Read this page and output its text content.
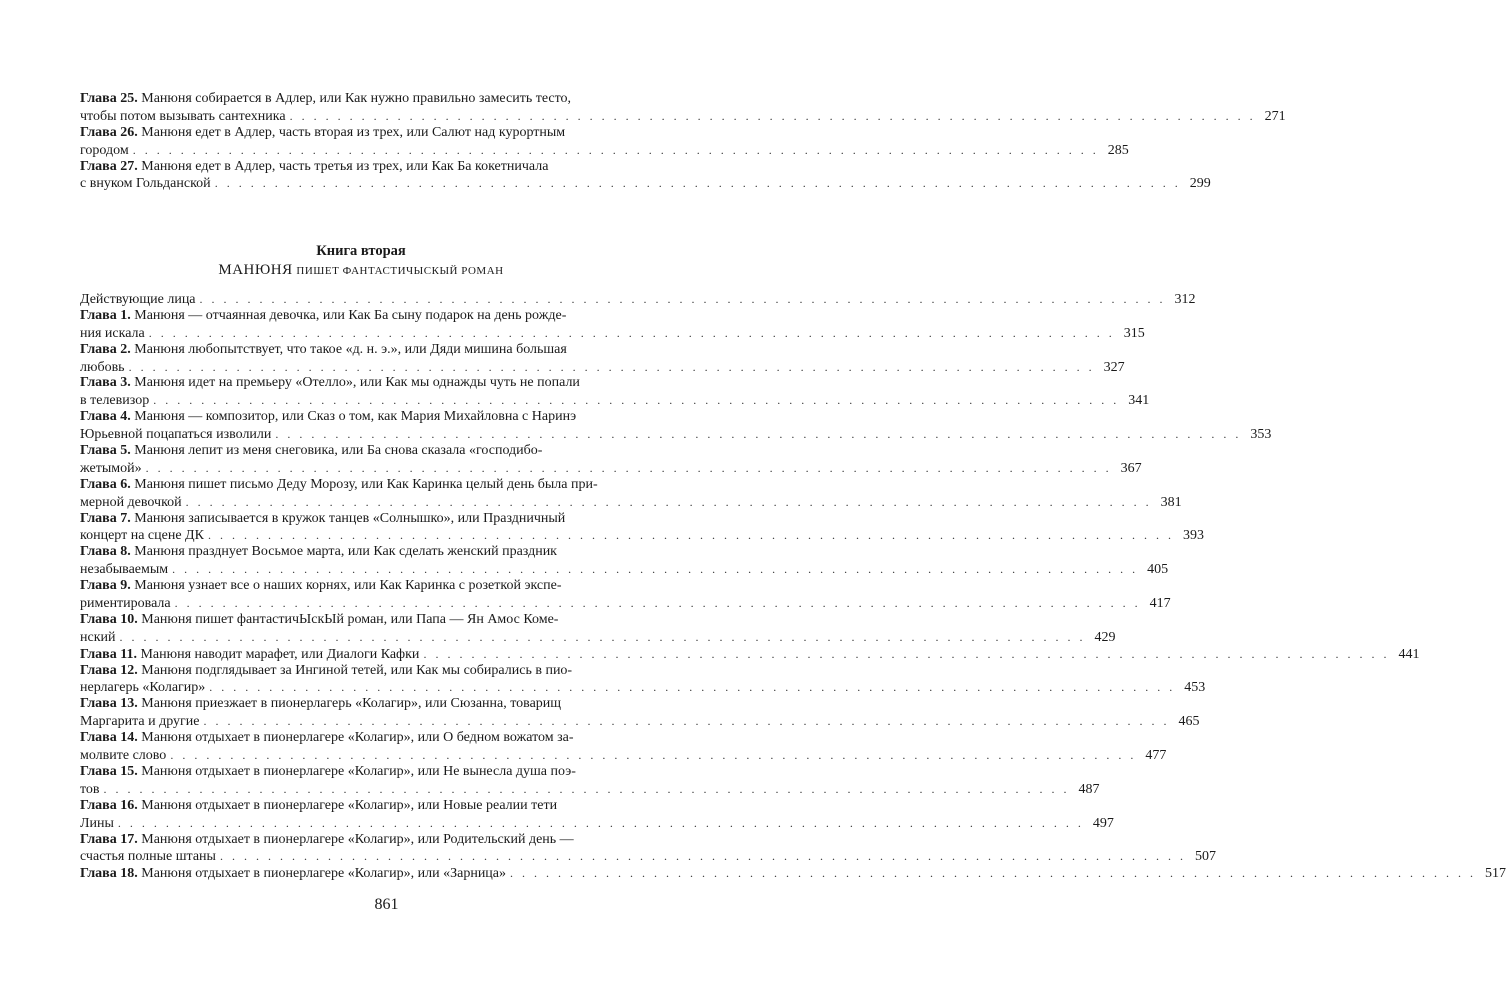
Глава 25. Манюня собирается в Адлер, или Как нужно правильно замесить тесто,
чтобы потом вызывать сантехника . . . . . . . . . . . . . . . . . . . . . . . . . . . . . . . . . . . . . . . . . . . . . . . . . . . . . . . . . . . . . . . . . . . . . . . . . . . . . . . . . 271
Глава 26. Манюня едет в Адлер, часть вторая из трех, или Салют над курортным
городом . . . . . . . . . . . . . . . . . . . . . . . . . . . . . . . . . . . . . . . . . . . . . . . . . . . . . . . . . . . . . . . . . . . . . . . . . . . . . . . . . 285
Глава 27. Манюня едет в Адлер, часть третья из трех, или Как Ба кокетничала
с внуком Гольданской . . . . . . . . . . . . . . . . . . . . . . . . . . . . . . . . . . . . . . . . . . . . . . . . . . . . . . . . . . . . . . . . . . . . . . . . . . . . . . . . . 299
Книга вторая
МАНЮНЯ ПИШЕТ ФАНТАСТИЧЫСКЫЙ РОМАН
Действующие лица . . . . . . . . . . . . . . . . . . . . . . . . . . . . . . . . . . . . . . . . . . . . . . . . . . . . . . . . . . . . . . . . . . . . . . . . . . . . . . . . . 312
Глава 1. Манюня — отчаянная девочка, или Как Ба сыну подарок на день рожде-
ния искала . . . . . . . . . . . . . . . . . . . . . . . . . . . . . . . . . . . . . . . . . . . . . . . . . . . . . . . . . . . . . . . . . . . . . . . . . . . . . . . . . 315
Глава 2. Манюня любопытствует, что такое «д. н. э.», или Дяди мишина большая
любовь . . . . . . . . . . . . . . . . . . . . . . . . . . . . . . . . . . . . . . . . . . . . . . . . . . . . . . . . . . . . . . . . . . . . . . . . . . . . . . . . . 327
Глава 3. Манюня идет на премьеру «Отелло», или Как мы однажды чуть не попали
в телевизор . . . . . . . . . . . . . . . . . . . . . . . . . . . . . . . . . . . . . . . . . . . . . . . . . . . . . . . . . . . . . . . . . . . . . . . . . . . . . . . . . 341
Глава 4. Манюня — композитор, или Сказ о том, как Мария Михайловна с Наринэ
Юрьевной поцапаться изволили . . . . . . . . . . . . . . . . . . . . . . . . . . . . . . . . . . . . . . . . . . . . . . . . . . . . . . . . . . . . . . . . . . . . . . . . . . . . . . . . . 353
Глава 5. Манюня лепит из меня снеговика, или Ба снова сказала «господибо-
жетымой» . . . . . . . . . . . . . . . . . . . . . . . . . . . . . . . . . . . . . . . . . . . . . . . . . . . . . . . . . . . . . . . . . . . . . . . . . . . . . . . . . 367
Глава 6. Манюня пишет письмо Деду Морозу, или Как Каринка целый день была при-
мерной девочкой . . . . . . . . . . . . . . . . . . . . . . . . . . . . . . . . . . . . . . . . . . . . . . . . . . . . . . . . . . . . . . . . . . . . . . . . . . . . . . . . . 381
Глава 7. Манюня записывается в кружок танцев «Солнышко», или Праздничный
концерт на сцене ДК . . . . . . . . . . . . . . . . . . . . . . . . . . . . . . . . . . . . . . . . . . . . . . . . . . . . . . . . . . . . . . . . . . . . . . . . . . . . . . . . . 393
Глава 8. Манюня празднует Восьмое марта, или Как сделать женский праздник
незабываемым . . . . . . . . . . . . . . . . . . . . . . . . . . . . . . . . . . . . . . . . . . . . . . . . . . . . . . . . . . . . . . . . . . . . . . . . . . . . . . . . . 405
Глава 9. Манюня узнает все о наших корнях, или Как Каринка с розеткой экспе-
риментировала . . . . . . . . . . . . . . . . . . . . . . . . . . . . . . . . . . . . . . . . . . . . . . . . . . . . . . . . . . . . . . . . . . . . . . . . . . . . . . . . . 417
Глава 10. Манюня пишет фантастичЫскЫй роман, или Папа — Ян Амос Коме-
нский . . . . . . . . . . . . . . . . . . . . . . . . . . . . . . . . . . . . . . . . . . . . . . . . . . . . . . . . . . . . . . . . . . . . . . . . . . . . . . . . . 429
Глава 11. Манюня наводит марафет, или Диалоги Кафки . . . . . . . . . . . . . . . . . . . . . . . . . . . . . . . . . . . . . . . . . . . . . . . . . . . . . . . . . . . . . . . . . . . . . . . . . . . . . . . . . 441
Глава 12. Манюня подглядывает за Ингиной тетей, или Как мы собирались в пио-
нерлагерь «Колагир» . . . . . . . . . . . . . . . . . . . . . . . . . . . . . . . . . . . . . . . . . . . . . . . . . . . . . . . . . . . . . . . . . . . . . . . . . . . . . . . . . 453
Глава 13. Манюня приезжает в пионерлагерь «Колагир», или Сюзанна, товарищ
Маргарита и другие . . . . . . . . . . . . . . . . . . . . . . . . . . . . . . . . . . . . . . . . . . . . . . . . . . . . . . . . . . . . . . . . . . . . . . . . . . . . . . . . . 465
Глава 14. Манюня отдыхает в пионерлагере «Колагир», или О бедном вожатом за-
молвите слово . . . . . . . . . . . . . . . . . . . . . . . . . . . . . . . . . . . . . . . . . . . . . . . . . . . . . . . . . . . . . . . . . . . . . . . . . . . . . . . . . 477
Глава 15. Манюня отдыхает в пионерлагере «Колагир», или Не вынесла душа поэ-
тов . . . . . . . . . . . . . . . . . . . . . . . . . . . . . . . . . . . . . . . . . . . . . . . . . . . . . . . . . . . . . . . . . . . . . . . . . . . . . . . . . 487
Глава 16. Манюня отдыхает в пионерлагере «Колагир», или Новые реалии тети
Лины . . . . . . . . . . . . . . . . . . . . . . . . . . . . . . . . . . . . . . . . . . . . . . . . . . . . . . . . . . . . . . . . . . . . . . . . . . . . . . . . . 497
Глава 17. Манюня отдыхает в пионерлагере «Колагир», или Родительский день —
счастья полные штаны . . . . . . . . . . . . . . . . . . . . . . . . . . . . . . . . . . . . . . . . . . . . . . . . . . . . . . . . . . . . . . . . . . . . . . . . . . . . . . . . . 507
Глава 18. Манюня отдыхает в пионерлагере «Колагир», или «Зарница» . . . . . . . . . . . . . . . . . . . . . . . . . . . . . . . . . . . . . . . . . . . . . . . . . . . . . . . . . . . . . . . . . . . . . . . . . . . . . . . . . 517
861
